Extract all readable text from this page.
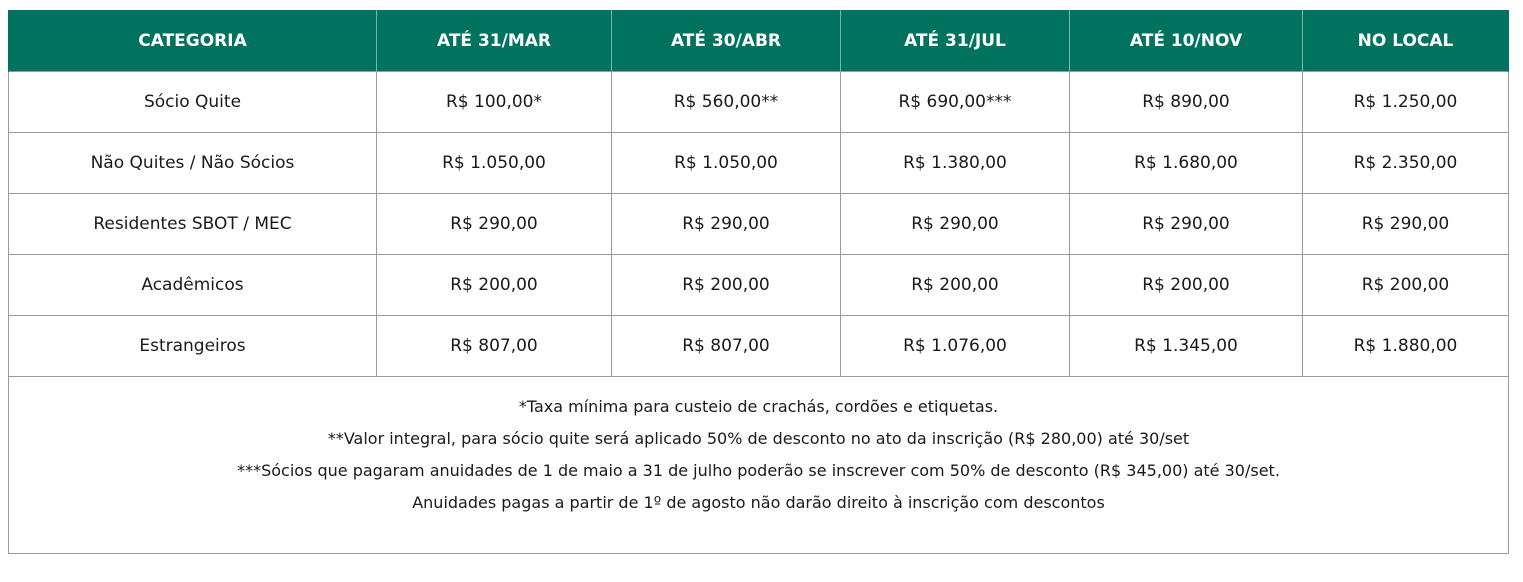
CATEGORIA	ATÉ 31/MAR	ATÉ 30/ABR	ATÉ 31/JUL	ATÉ 10/NOV	NO LOCAL
Sócio Quite	R$ 100,00*	R$ 560,00**	R$ 690,00***	R$ 890,00	R$ 1.250,00
Não Quites / Não Sócios	R$ 1.050,00	R$ 1.050,00	R$ 1.380,00	R$ 1.680,00	R$ 2.350,00
Residentes SBOT / MEC	R$ 290,00	R$ 290,00	R$ 290,00	R$ 290,00	R$ 290,00
Acadêmicos	R$ 200,00	R$ 200,00	R$ 200,00	R$ 200,00	R$ 200,00
Estrangeiros	R$ 807,00	R$ 807,00	R$ 1.076,00	R$ 1.345,00	R$ 1.880,00

*Taxa mínima para custeio de crachás, cordões e etiquetas.

**Valor integral, para sócio quite será aplicado 50% de desconto no ato da inscrição (R$ 280,00) até 30/set

***Sócios que pagaram anuidades de 1 de maio a 31 de julho poderão se inscrever com 50% de desconto (R$ 345,00) até 30/set.

Anuidades pagas a partir de 1º de agosto não darão direito à inscrição com descontos					
